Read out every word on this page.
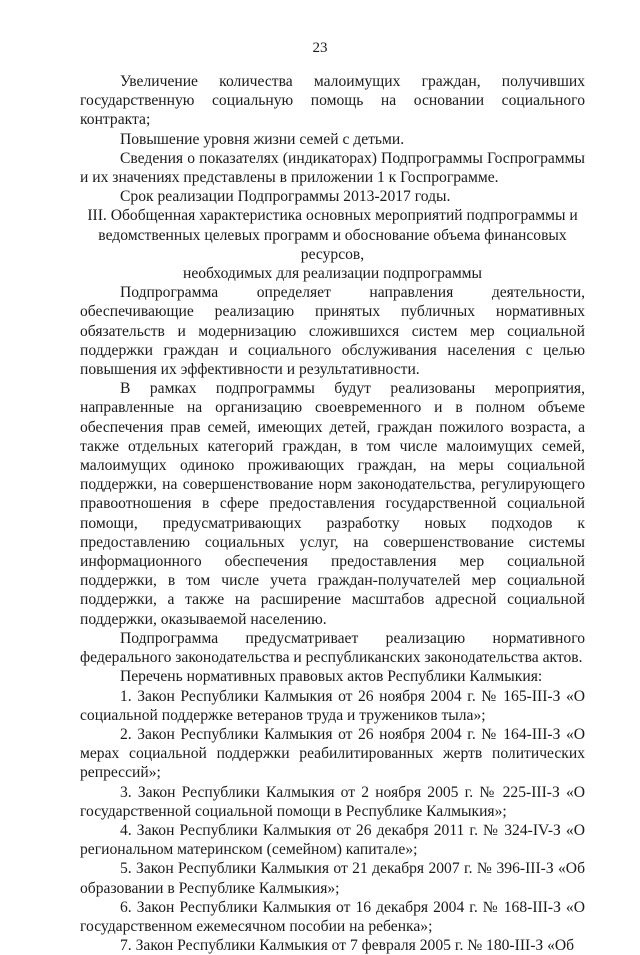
23

Увеличение количества малоимущих граждан, получивших государственную социальную помощь на основании социального контракта;

Повышение уровня жизни семей с детьми.

Сведения о показателях (индикаторах) Подпрограммы Госпрограммы и их значениях представлены в приложении 1 к Госпрограмме.

Срок реализации Подпрограммы 2013-2017 годы.

III. Обобщенная характеристика основных мероприятий подпрограммы и
ведомственных целевых программ и обоснование объема финансовых ресурсов,
необходимых для реализации подпрограммы

Подпрограмма определяет направления деятельности, обеспечивающие реализацию принятых публичных нормативных обязательств и модернизацию сложившихся систем мер социальной поддержки граждан и социального обслуживания населения с целью повышения их эффективности и результативности.

В рамках подпрограммы будут реализованы мероприятия, направленные на организацию своевременного и в полном объеме обеспечения прав семей, имеющих детей, граждан пожилого возраста, а также отдельных категорий граждан, в том числе малоимущих семей, малоимущих одиноко проживающих граждан, на меры социальной поддержки, на совершенствование норм законодательства, регулирующего правоотношения в сфере предоставления государственной социальной помощи, предусматривающих разработку новых подходов к предоставлению социальных услуг, на совершенствование системы информационного обеспечения предоставления мер социальной поддержки, в том числе учета граждан-получателей мер социальной поддержки, а также на расширение масштабов адресной социальной поддержки, оказываемой населению.

Подпрограмма предусматривает реализацию нормативного федерального законодательства и республиканских законодательства актов.

Перечень нормативных правовых актов Республики Калмыкия:

1. Закон Республики Калмыкия от 26 ноября 2004 г. № 165-III-З «О социальной поддержке ветеранов труда и тружеников тыла»;

2. Закон Республики Калмыкия от 26 ноября 2004 г. № 164-III-З «О мерах социальной поддержки реабилитированных жертв политических репрессий»;

3. Закон Республики Калмыкия от 2 ноября 2005 г. № 225-III-З «О государственной социальной помощи в Республике Калмыкия»;

4. Закон Республики Калмыкия от 26 декабря 2011 г. № 324-IV-З «О региональном материнском (семейном) капитале»;

5. Закон Республики Калмыкия от 21 декабря 2007 г. № 396-III-З «Об образовании в Республике Калмыкия»;

6. Закон Республики Калмыкия от 16 декабря 2004 г. № 168-III-З «О государственном ежемесячном пособии на ребенка»;

7. Закон Республики Калмыкия от 7 февраля 2005 г. № 180-III-З «Об
